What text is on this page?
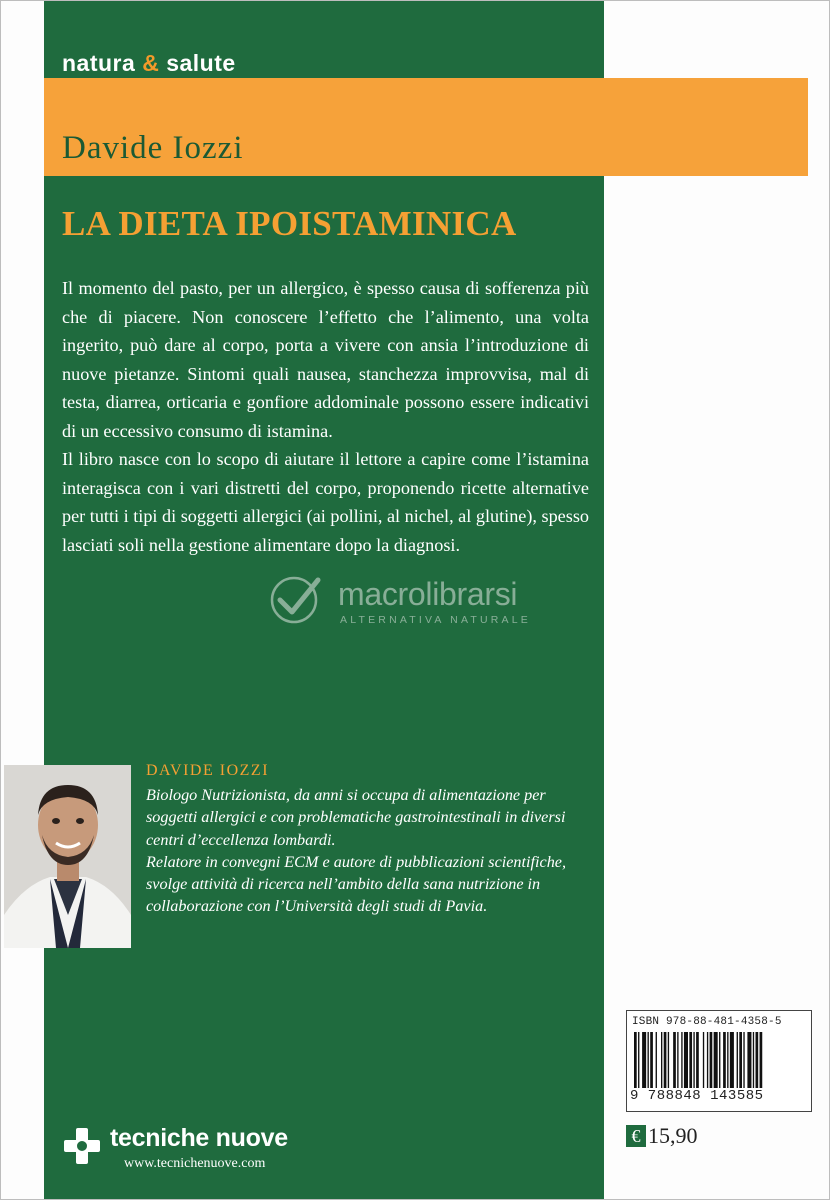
natura & salute
Davide Iozzi
LA DIETA IPOISTAMINICA

Il momento del pasto, per un allergico, è spesso causa di sofferenza più che di piacere. Non conoscere l’effetto che l’alimento, una volta ingerito, può dare al corpo, porta a vivere con ansia l’introduzione di nuove pietanze. Sintomi quali nausea, stanchezza improvvisa, mal di testa, diarrea, orticaria e gonfiore addominale possono essere indicativi di un eccessivo consumo di istamina.

Il libro nasce con lo scopo di aiutare il lettore a capire come l’istamina interagisca con i vari distretti del corpo, proponendo ricette alternative per tutti i tipi di soggetti allergici (ai pollini, al nichel, al glutine), spesso lasciati soli nella gestione alimentare dopo la diagnosi.

macrolibrarsi
ALTERNATIVA NATURALE
DAVIDE IOZZI

Biologo Nutrizionista, da anni si occupa di alimentazione per soggetti allergici e con problematiche gastrointestinali in diversi centri d’eccellenza lombardi.

Relatore in convegni ECM e autore di pubblicazioni scientifiche, svolge attività di ricerca nell’ambito della sana nutrizione in collaborazione con l’Università degli studi di Pavia.

tecniche nuove
www.tecnichenuove.com
ISBN 978-88-481-4358-5
9 788848 143585
€ 15,90
